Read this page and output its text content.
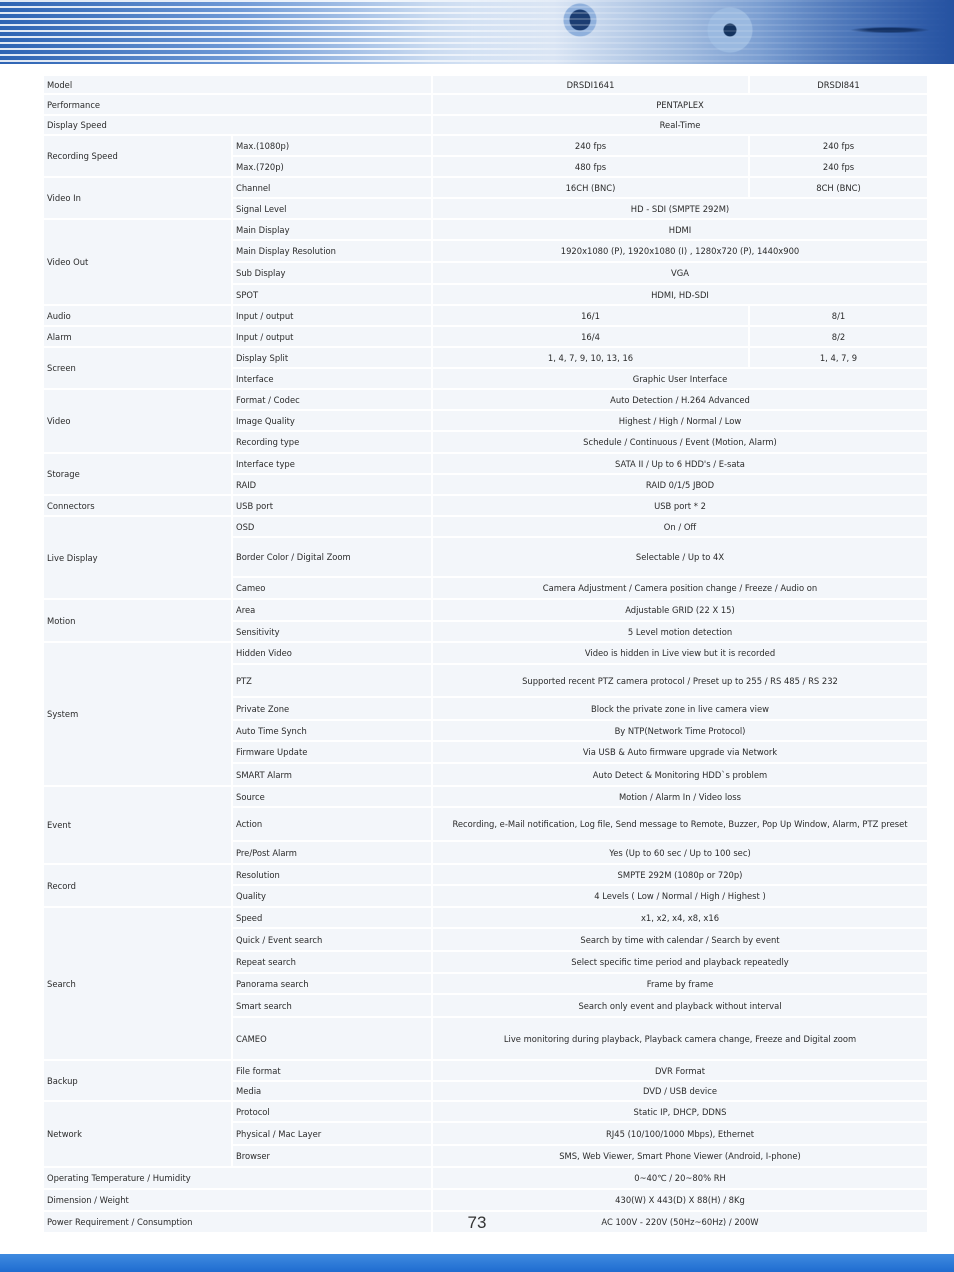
Model		DRSDI1641	DRSDI841
Performance		PENTAPLEX	
Display Speed		Real-Time	
Recording Speed	Max.(1080p)	240 fps	240 fps
	Max.(720p)	480 fps	240 fps
Video In	Channel	16CH (BNC)	8CH (BNC)
	Signal Level	HD - SDI (SMPTE 292M)	
Video Out	Main Display	HDMI	
	Main Display Resolution	1920x1080 (P), 1920x1080 (I) , 1280x720 (P), 1440x900	
	Sub Display	VGA	
	SPOT	HDMI, HD-SDI	
Audio	Input / output	16/1	8/1
Alarm	Input / output	16/4	8/2
Screen	Display Split	1, 4, 7, 9, 10, 13, 16	1, 4, 7, 9
	Interface	Graphic User Interface	
Video	Format / Codec	Auto Detection / H.264 Advanced	
	Image Quality	Highest / High / Normal / Low	
	Recording type	Schedule / Continuous / Event (Motion, Alarm)	
Storage	Interface type	SATA II / Up to 6 HDD's / E-sata	
	RAID	RAID 0/1/5 JBOD	
Connectors	USB port	USB port * 2	
Live Display	OSD	On / Off	
	Border Color / Digital Zoom	Selectable / Up to 4X	
	Cameo	Camera Adjustment / Camera position change / Freeze / Audio on	
Motion	Area	Adjustable GRID (22 X 15)	
	Sensitivity	5 Level motion detection	
System	Hidden Video	Video is hidden in Live view but it is recorded	
	PTZ	Supported recent PTZ camera protocol / Preset up to 255 / RS 485 / RS 232	
	Private Zone	Block the private zone in live camera view	
	Auto Time Synch	By NTP(Network Time Protocol)	
	Firmware Update	Via USB & Auto firmware upgrade via Network	
	SMART Alarm	Auto Detect & Monitoring HDD`s problem	
Event	Source	Motion / Alarm In / Video loss	
	Action	Recording, e-Mail notification, Log file, Send message to Remote, Buzzer, Pop Up Window, Alarm, PTZ preset	
	Pre/Post Alarm	Yes (Up to 60 sec / Up to 100 sec)	
Record	Resolution	SMPTE 292M (1080p or 720p)	
	Quality	4 Levels ( Low / Normal / High / Highest )	
Search	Speed	x1, x2, x4, x8, x16	
	Quick / Event search	Search by time with calendar / Search by event	
	Repeat search	Select specific time period and playback repeatedly	
	Panorama search	Frame by frame	
	Smart search	Search only event and playback without interval	
	CAMEO	Live monitoring during playback, Playback camera change, Freeze and Digital zoom	
Backup	File format	DVR Format	
	Media	DVD / USB device	
Network	Protocol	Static IP, DHCP, DDNS	
	Physical / Mac Layer	RJ45 (10/100/1000 Mbps), Ethernet	
	Browser	SMS, Web Viewer, Smart Phone Viewer (Android, I-phone)	
Operating Temperature / Humidity		0~40℃ / 20~80% RH	
Dimension / Weight		430(W) X 443(D) X 88(H) / 8Kg	
Power Requirement / Consumption		AC 100V - 220V (50Hz~60Hz) / 200W	
73
